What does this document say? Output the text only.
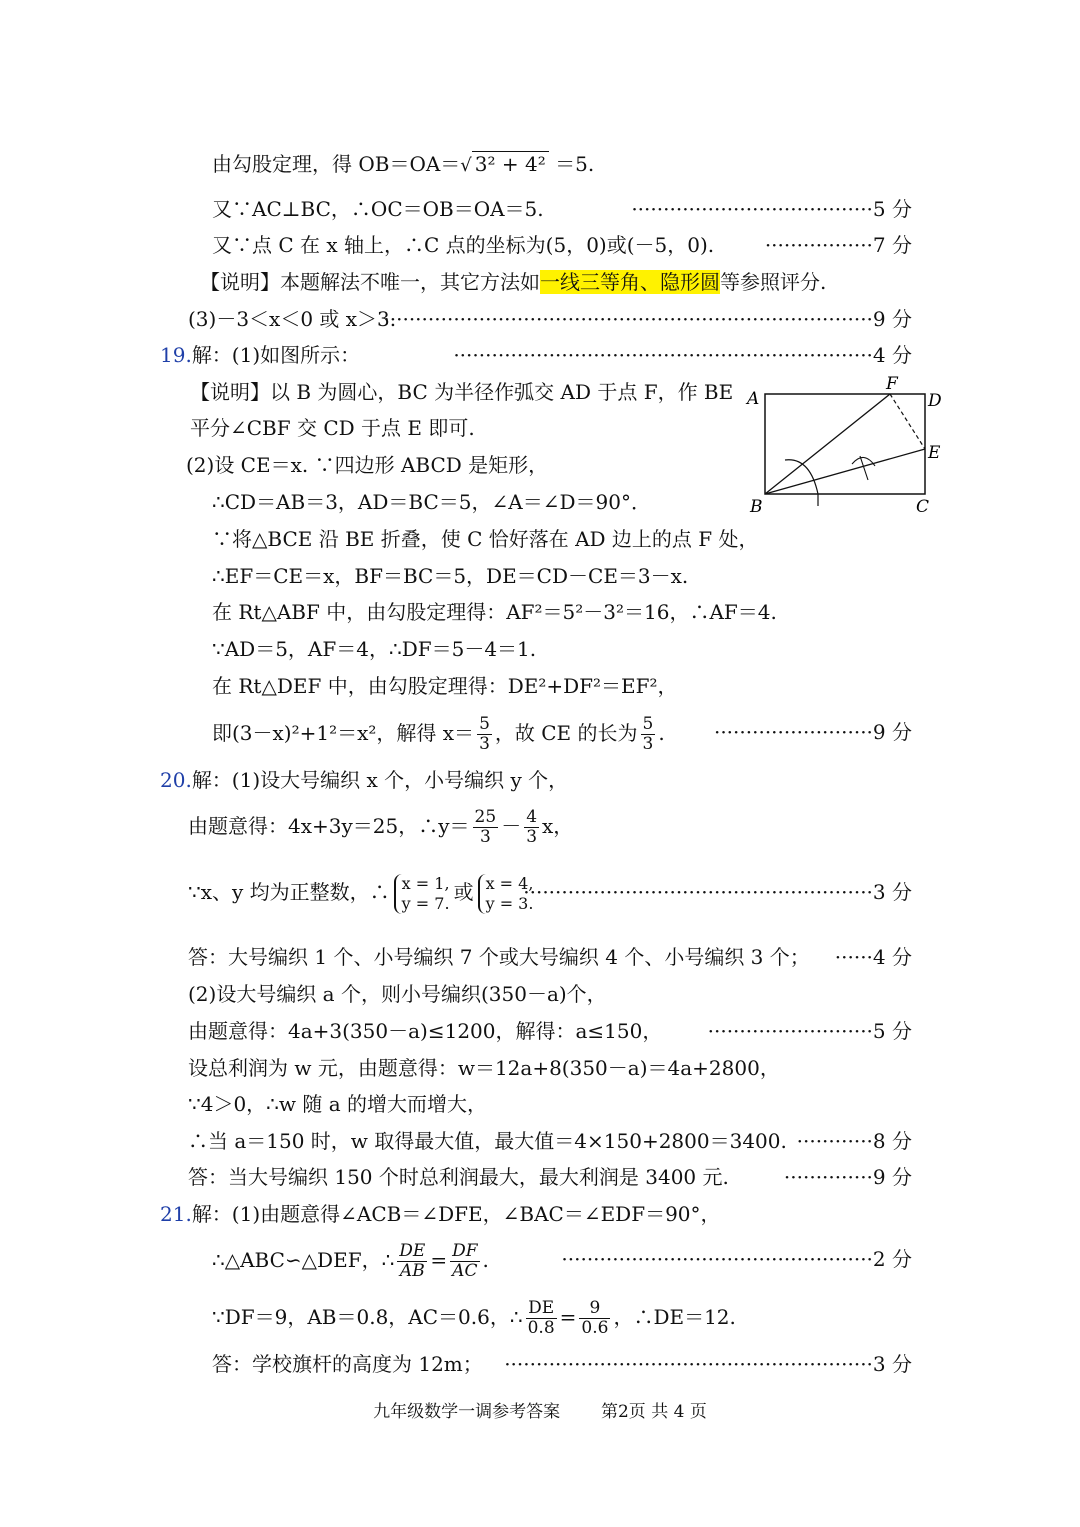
由勾股定理，得 OB＝OA＝√ 3² + 4² ＝5.
又∵AC⊥BC，∴OC＝OB＝OA＝5.	······································5 分
又∵点 C 在 x 轴上，∴C 点的坐标为(5，0)或(－5，0).	·················7 分
【说明】本题解法不唯一，其它方法如一线三等角、隐形圆等参照评分.
(3)－3＜x＜0 或 x＞3.
·············································································9 分
19.解：(1)如图所示：	··································································4 分
【说明】以 B 为圆心，BC 为半径作弧交 AD 于点 F，作 BE
平分∠CBF 交 CD 于点 E 即可.
(2)设 CE＝x. ∵四边形 ABCD 是矩形，
∴CD＝AB＝3，AD＝BC＝5，∠A＝∠D＝90°．
∵将△BCE 沿 BE 折叠，使 C 恰好落在 AD 边上的点 F 处，
∴EF＝CE＝x，BF＝BC＝5，DE＝CD－CE＝3－x.
在 Rt△ABF 中，由勾股定理得：AF²＝5²－3²＝16，∴AF＝4.
∵AD＝5，AF＝4，∴DF＝5－4＝1.
在 Rt△DEF 中，由勾股定理得：DE²+DF²＝EF²，
即(3－x)²+1²＝x²，解得 $x= \frac{5}{3}$ ，故 CE 的长为 $\frac{5}{3}$ . ·························9 分
A	D
F
E
B	C
20.解：(1)设大号编织 x 个，小号编织 y 个，
由题意得：4x+3y＝25，∴y＝ $\frac{25}{3} - \frac{4}{3}$ x，
∵x、y 均为正整数，∴ x = 1,
y = 7. 或 x = 4,
y = 3.
·······················································3 分
答：大号编织 1 个、小号编织 7 个或大号编织 4 个、小号编织 3 个； ······4 分
(2)设大号编织 a 个，则小号编织(350－a)个，
由题意得：4a+3(350－a)≤1200，解得：a≤150， ··························5 分
设总利润为 w 元，由题意得：w＝12a+8(350－a)＝4a+2800，
∵4＞0，∴w 随 a 的增大而增大，
∴当 a＝150 时，w 取得最大值，最大值＝4×150+2800＝3400. ············8 分
答：当大号编织 150 个时总利润最大，最大利润是 3400 元.	··············9 分
21.解：(1)由题意得∠ACB＝∠DFE，∠BAC＝∠EDF＝90°，
∴△ABC∽△DEF，∴ $\frac{DE}{AB} = \frac{DF}{AC}$ .	·················································2 分
∵DF＝9，AB＝0.8，AC＝0.6，∴ $\frac{DE}{0.8} = \frac{9}{0.6}$ ，∴DE＝12.
答：学校旗杆的高度为 12m； ··························································3 分
九年级数学一调参考答案 第2页 共 4 页
